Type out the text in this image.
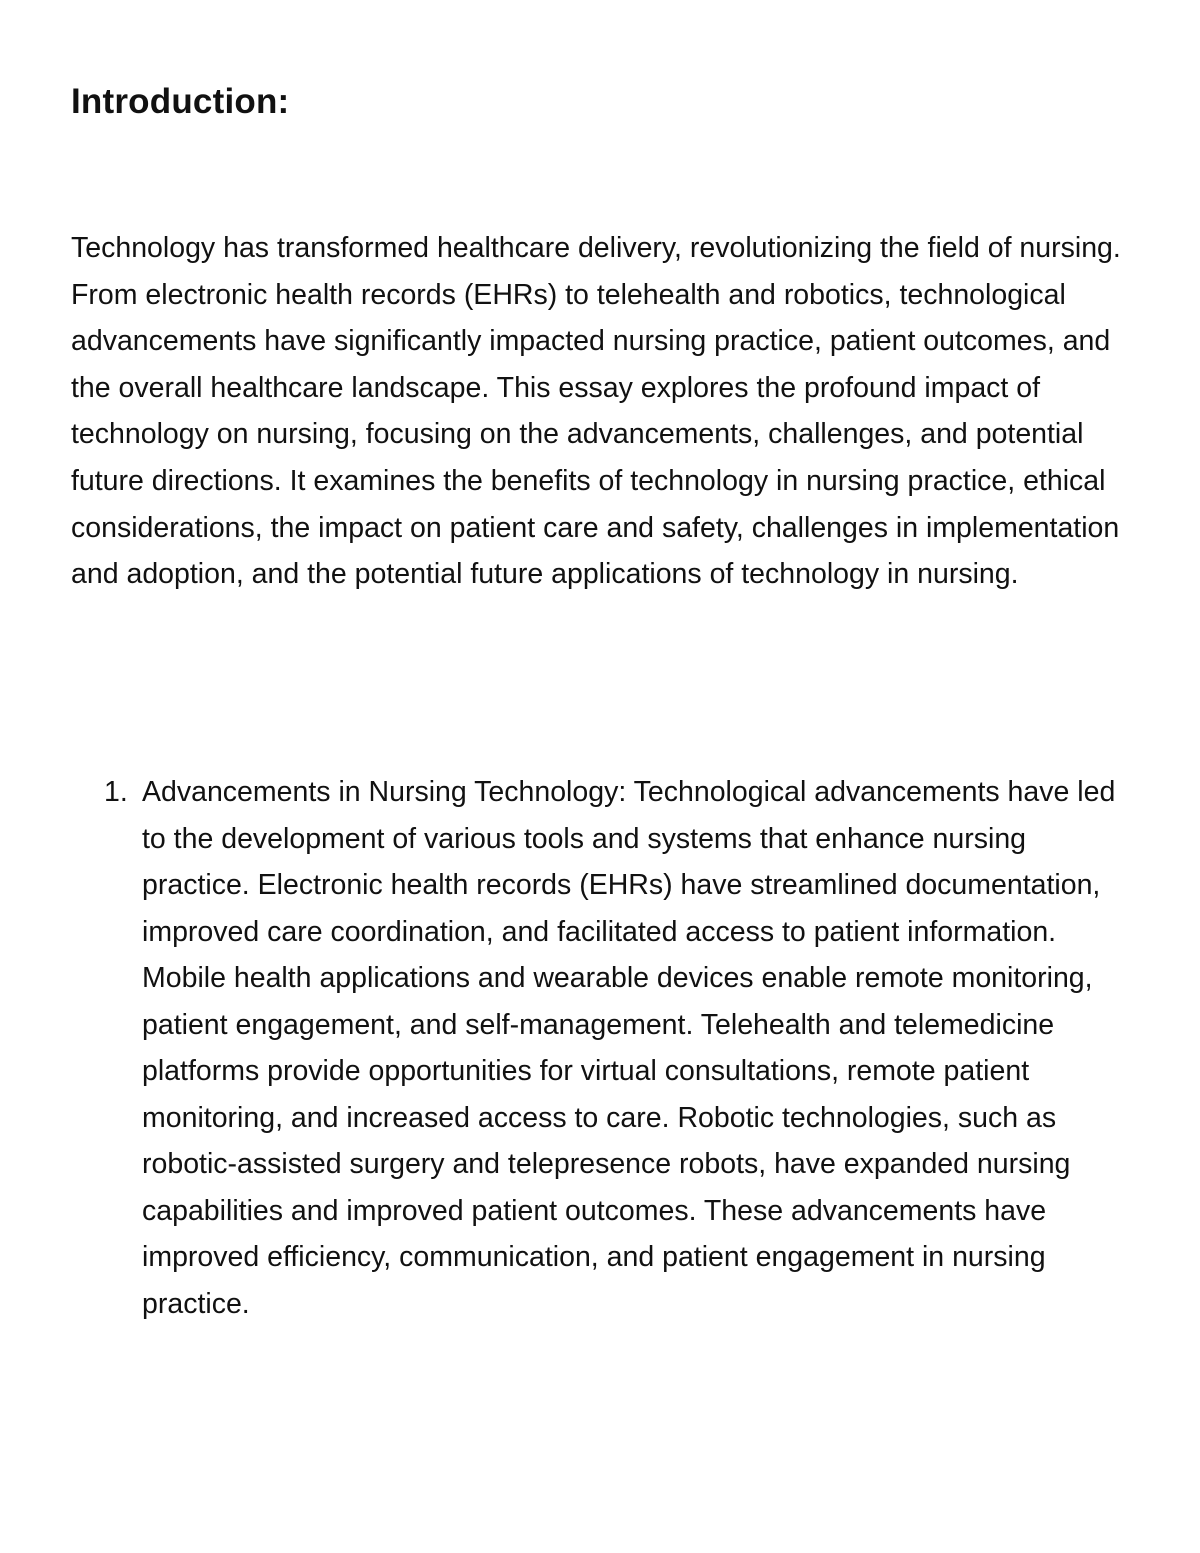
Introduction:

Technology has transformed healthcare delivery, revolutionizing the field of nursing. From electronic health records (EHRs) to telehealth and robotics, technological advancements have significantly impacted nursing practice, patient outcomes, and the overall healthcare landscape. This essay explores the profound impact of technology on nursing, focusing on the advancements, challenges, and potential future directions. It examines the benefits of technology in nursing practice, ethical considerations, the impact on patient care and safety, challenges in implementation and adoption, and the potential future applications of technology in nursing.

1. Advancements in Nursing Technology: Technological advancements have led to the development of various tools and systems that enhance nursing practice. Electronic health records (EHRs) have streamlined documentation, improved care coordination, and facilitated access to patient information. Mobile health applications and wearable devices enable remote monitoring, patient engagement, and self-management. Telehealth and telemedicine platforms provide opportunities for virtual consultations, remote patient monitoring, and increased access to care. Robotic technologies, such as robotic-assisted surgery and telepresence robots, have expanded nursing capabilities and improved patient outcomes. These advancements have improved efficiency, communication, and patient engagement in nursing practice.
